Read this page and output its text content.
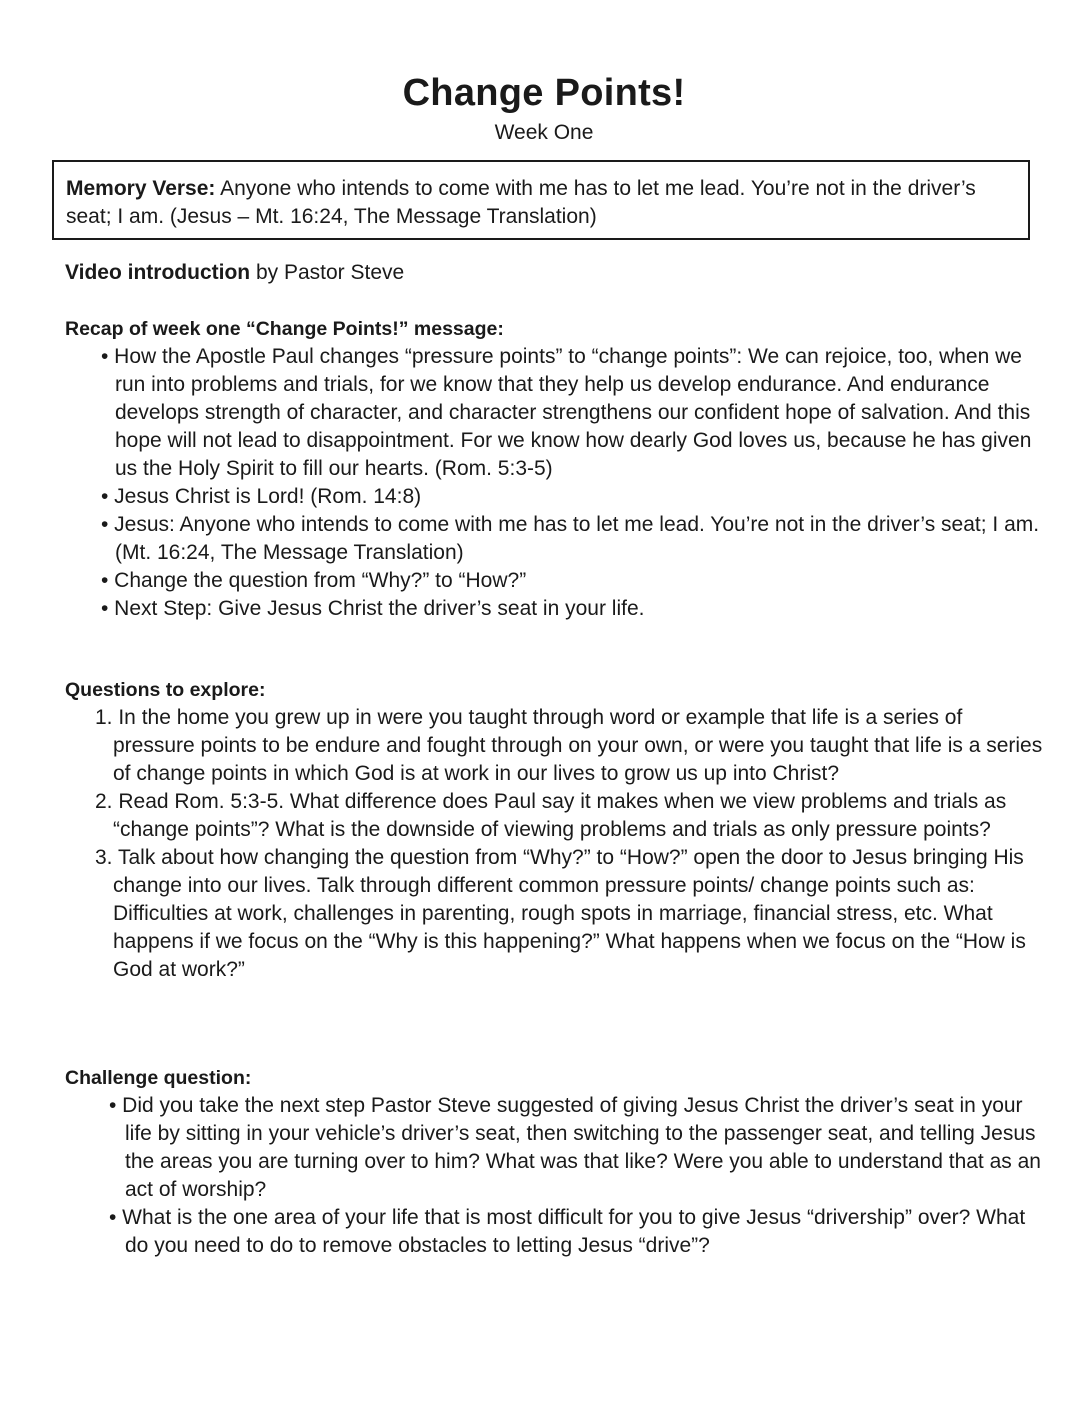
Change Points!
Week One
Memory Verse: Anyone who intends to come with me has to let me lead. You’re not in the driver’s seat; I am. (Jesus – Mt. 16:24, The Message Translation)
Video introduction by Pastor Steve
Recap of week one “Change Points!” message:
• How the Apostle Paul changes “pressure points” to “change points”: We can rejoice, too, when we run into problems and trials, for we know that they help us develop endurance. And endurance develops strength of character, and character strengthens our confident hope of salvation. And this hope will not lead to disappointment. For we know how dearly God loves us, because he has given us the Holy Spirit to fill our hearts. (Rom. 5:3-5)
• Jesus Christ is Lord! (Rom. 14:8)
• Jesus: Anyone who intends to come with me has to let me lead. You’re not in the driver’s seat; I am. (Mt. 16:24, The Message Translation)
• Change the question from “Why?” to “How?”
• Next Step: Give Jesus Christ the driver’s seat in your life.
Questions to explore:
1. In the home you grew up in were you taught through word or example that life is a series of pressure points to be endure and fought through on your own, or were you taught that life is a series of change points in which God is at work in our lives to grow us up into Christ?
2. Read Rom. 5:3-5. What difference does Paul say it makes when we view problems and trials as “change points”? What is the downside of viewing problems and trials as only pressure points?
3. Talk about how changing the question from “Why?” to “How?” open the door to Jesus bringing His change into our lives. Talk through different common pressure points/ change points such as: Difficulties at work, challenges in parenting, rough spots in marriage, financial stress, etc. What happens if we focus on the “Why is this happening?” What happens when we focus on the “How is God at work?”
Challenge question:
• Did you take the next step Pastor Steve suggested of giving Jesus Christ the driver’s seat in your life by sitting in your vehicle’s driver’s seat, then switching to the passenger seat, and telling Jesus the areas you are turning over to him? What was that like? Were you able to understand that as an act of worship?
• What is the one area of your life that is most difficult for you to give Jesus “drivership” over? What do you need to do to remove obstacles to letting Jesus “drive”?
